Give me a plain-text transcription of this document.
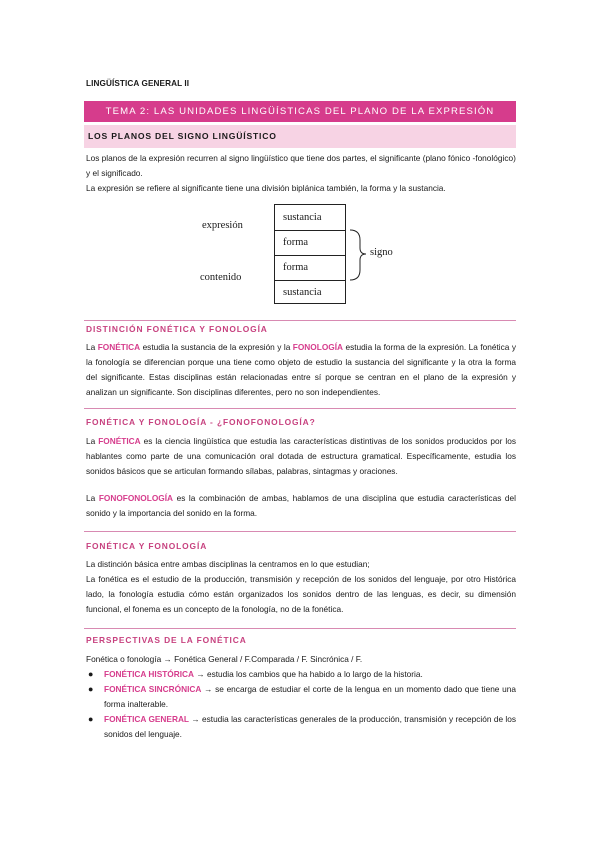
LINGÜÍSTICA GENERAL II
TEMA 2: LAS UNIDADES LINGÜÍSTICAS DEL PLANO DE LA EXPRESIÓN
LOS PLANOS DEL SIGNO LINGÜÍSTICO
Los planos de la expresión recurren al signo lingüístico que tiene dos partes, el significante (plano fónico -fonológico) y el significado.
La expresión se refiere al significante tiene una división biplánica también, la forma y la sustancia.
expresión
contenido
sustancia
forma
forma
sustancia
signo
DISTINCIÓN FONÉTICA Y FONOLOGÍA
La FONÉTICA estudia la sustancia de la expresión y la FONOLOGÍA estudia la forma de la expresión. La fonética y la fonología se diferencian porque una tiene como objeto de estudio la sustancia del significante y la otra la forma del significante. Estas disciplinas están relacionadas entre sí porque se centran en el plano de la expresión y analizan un significante. Son disciplinas diferentes, pero no son independientes.
FONÉTICA Y FONOLOGÍA - ¿FONOFONOLOGÍA?
La FONÉTICA es la ciencia lingüística que estudia las características distintivas de los sonidos producidos por los hablantes como parte de una comunicación oral dotada de estructura gramatical. Específicamente, estudia los sonidos básicos que se articulan formando sílabas, palabras, sintagmas y oraciones.
La FONOFONOLOGÍA es la combinación de ambas, hablamos de una disciplina que estudia características del sonido y la importancia del sonido en la forma.
FONÉTICA Y FONOLOGÍA
La distinción básica entre ambas disciplinas la centramos en lo que estudian;
La fonética es el estudio de la producción, transmisión y recepción de los sonidos del lenguaje, por otro Histórica lado, la fonología estudia cómo están organizados los sonidos dentro de las lenguas, es decir, su dimensión funcional, el fonema es un concepto de la fonología, no de la fonética.
PERSPECTIVAS DE LA FONÉTICA
Fonética o fonología → Fonética General / F.Comparada / F. Sincrónica / F.
● FONÉTICA HISTÓRICA → estudia los cambios que ha habido a lo largo de la historia.
● FONÉTICA SINCRÓNICA → se encarga de estudiar el corte de la lengua en un momento dado que tiene una forma inalterable.
● FONÉTICA GENERAL → estudia las características generales de la producción, transmisión y recepción de los sonidos del lenguaje.
